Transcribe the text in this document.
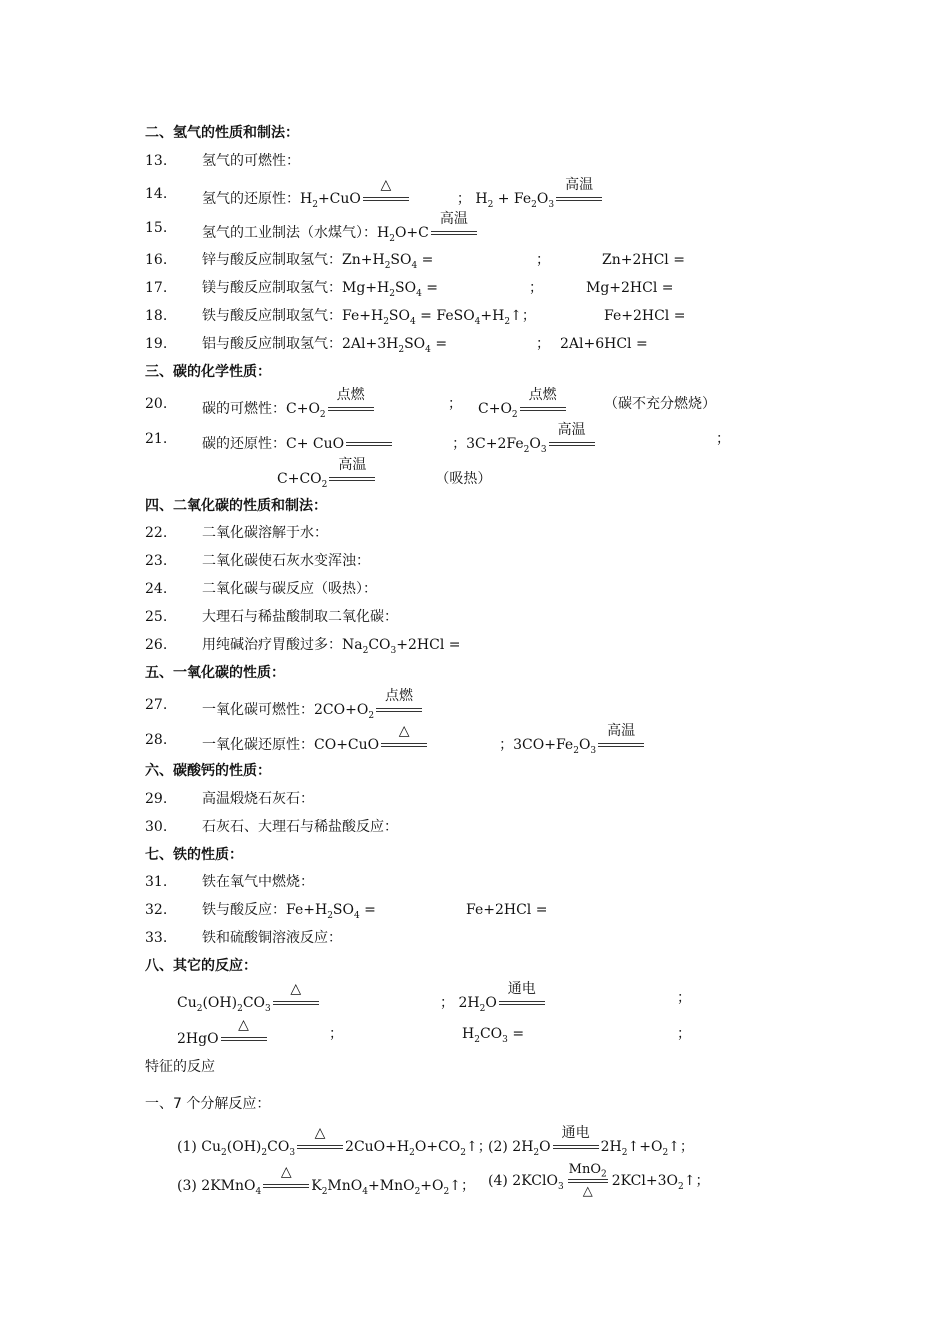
二、氢气的性质和制法：
13. 氢气的可燃性：
14. 氢气的还原性：$H_2+CuO$
△
； $H_2 + Fe_2O_3$
高温
15. 氢气的工业制法（水煤气）：$H_2O+C$
高温
16. 锌与酸反应制取氢气：$Zn+H_2SO_4$ =	；	Zn+2HCl =
17. 镁与酸反应制取氢气：$Mg+H_2SO_4$ =	；	Mg+2HCl =
18. 铁与酸反应制取氢气：$Fe+H_2SO_4$ = $FeSO_4+H_2↑$；	Fe+2HCl =
19. 铝与酸反应制取氢气：$2Al+3H_2SO_4$ =	； 2Al+6HCl =
三、碳的化学性质：
20. 碳的可燃性：$C+O_2$
点燃
； $C+O_2$
点燃
（碳不充分燃烧）
21. 碳的还原性：C+ CuO	；$3C+2Fe_2O_3$
高温
；
$C+CO_2$
高温
（吸热）
四、二氧化碳的性质和制法：
22. 二氧化碳溶解于水：
23. 二氧化碳使石灰水变浑浊：
24. 二氧化碳与碳反应（吸热）：
25. 大理石与稀盐酸制取二氧化碳：
26. 用纯碱治疗胃酸过多：$Na_2CO_3+2HCl$ =
五、一氧化碳的性质：
27. 一氧化碳可燃性：$2CO+O_2$
点燃
28. 一氧化碳还原性：CO+CuO
△
；$3CO+Fe_2O_3$
高温
六、碳酸钙的性质：
29. 高温煅烧石灰石：
30. 石灰石、大理石与稀盐酸反应：
七、铁的性质：
31. 铁在氧气中燃烧：
32. 铁与酸反应：$Fe+H_2SO_4$ =	Fe+2HCl =
33. 铁和硫酸铜溶液反应：
八、其它的反应：
$Cu_2(OH)_2CO_3$
△
； $2H_2O$
通电
；
2HgO
△
；	$H_2CO_3$ =	；
特征的反应
一、7 个分解反应：
(1) $Cu_2(OH)_2CO_3$
△
$2CuO+H_2O+CO_2↑$；
(2) $2H_2O$
通电
$2H_2↑+O_2↑$；
(3) 2KMnO$_4$
△
$K_2MnO_4+MnO_2+O_2↑$； (4) 2KClO$_3$ $\frac{MnO_2}{\triangle}$ $2KCl+3O_2↑$；
